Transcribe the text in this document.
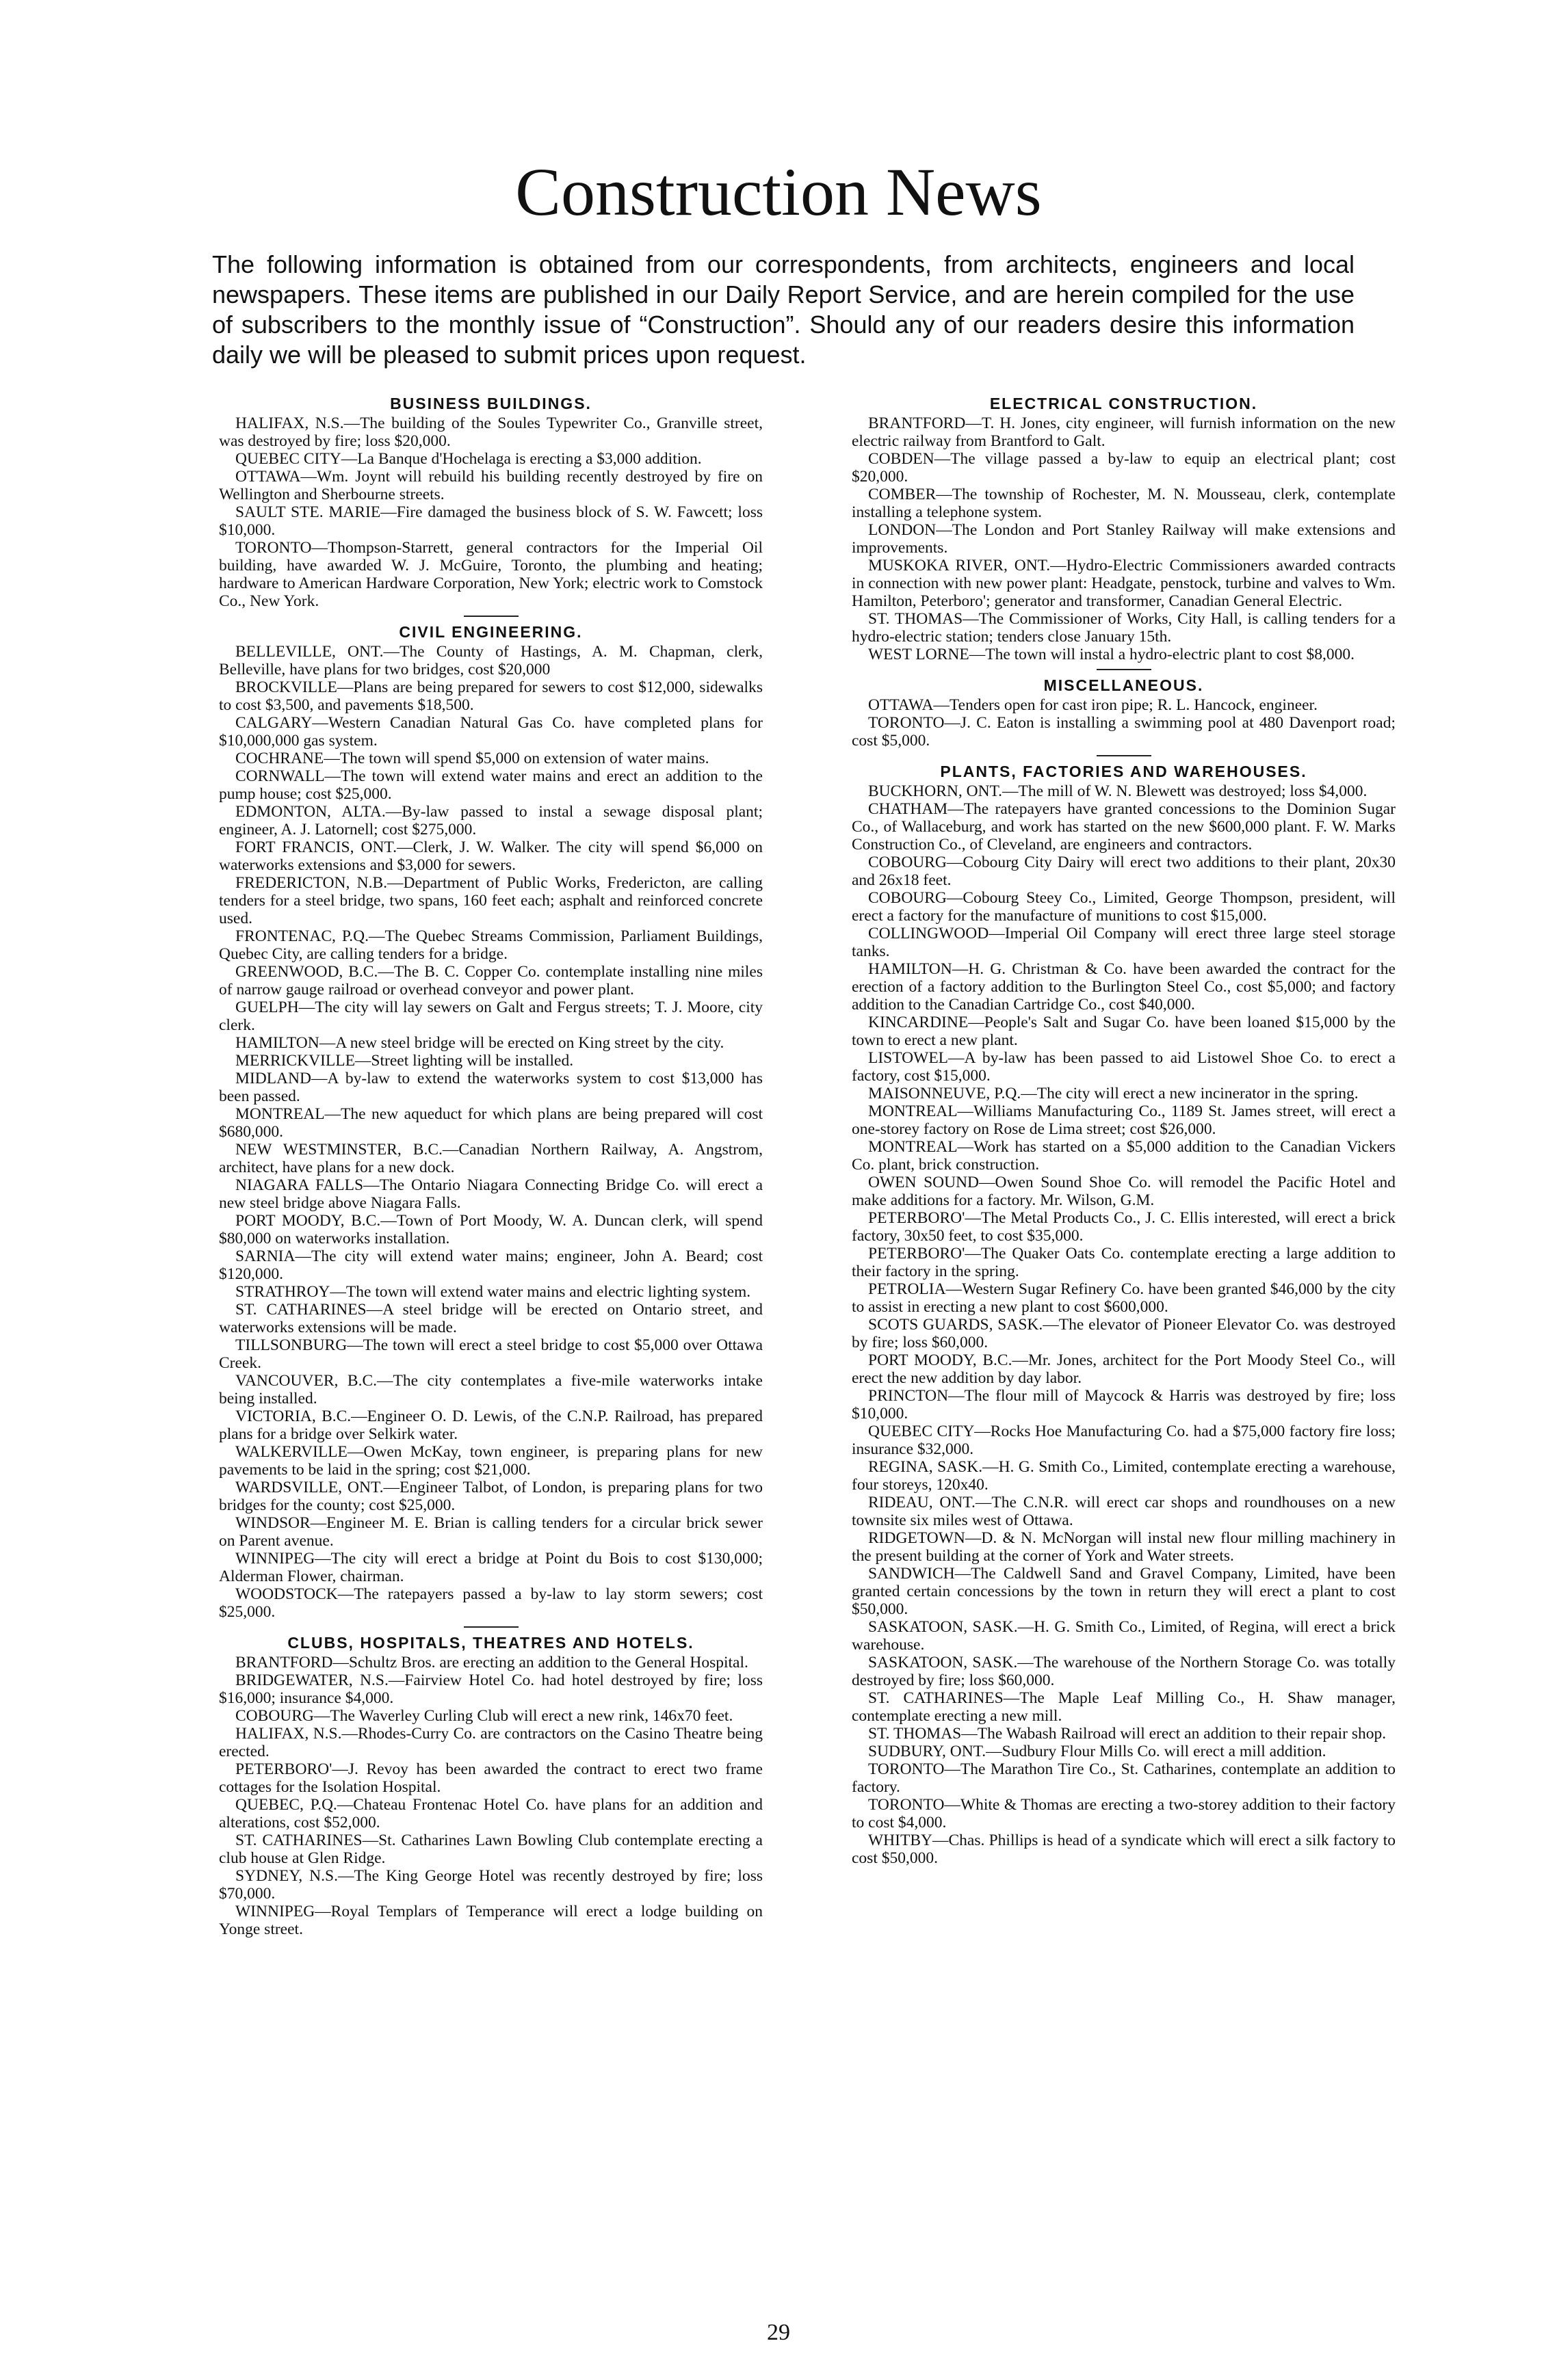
Construction News

The following information is obtained from our correspondents, from architects, engineers and local newspapers. These items are published in our Daily Report Service, and are herein compiled for the use of subscribers to the monthly issue of “Construction”. Should any of our readers desire this information daily we will be pleased to submit prices upon request.

BUSINESS BUILDINGS.

HALIFAX, N.S.—The building of the Soules Typewriter Co., Granville street, was destroyed by fire; loss $20,000.

QUEBEC CITY—La Banque d'Hochelaga is erecting a $3,000 addition.

OTTAWA—Wm. Joynt will rebuild his building recently destroyed by fire on Wellington and Sherbourne streets.

SAULT STE. MARIE—Fire damaged the business block of S. W. Fawcett; loss $10,000.

TORONTO—Thompson-Starrett, general contractors for the Imperial Oil building, have awarded W. J. McGuire, Toronto, the plumbing and heating; hardware to American Hardware Corporation, New York; electric work to Comstock Co., New York.

CIVIL ENGINEERING.

BELLEVILLE, ONT.—The County of Hastings, A. M. Chapman, clerk, Belleville, have plans for two bridges, cost $20,000

BROCKVILLE—Plans are being prepared for sewers to cost $12,000, sidewalks to cost $3,500, and pavements $18,500.

CALGARY—Western Canadian Natural Gas Co. have completed plans for $10,000,000 gas system.

COCHRANE—The town will spend $5,000 on extension of water mains.

CORNWALL—The town will extend water mains and erect an addition to the pump house; cost $25,000.

EDMONTON, ALTA.—By-law passed to instal a sewage disposal plant; engineer, A. J. Latornell; cost $275,000.

FORT FRANCIS, ONT.—Clerk, J. W. Walker. The city will spend $6,000 on waterworks extensions and $3,000 for sewers.

FREDERICTON, N.B.—Department of Public Works, Fredericton, are calling tenders for a steel bridge, two spans, 160 feet each; asphalt and reinforced concrete used.

FRONTENAC, P.Q.—The Quebec Streams Commission, Parliament Buildings, Quebec City, are calling tenders for a bridge.

GREENWOOD, B.C.—The B. C. Copper Co. contemplate installing nine miles of narrow gauge railroad or overhead conveyor and power plant.

GUELPH—The city will lay sewers on Galt and Fergus streets; T. J. Moore, city clerk.

HAMILTON—A new steel bridge will be erected on King street by the city.

MERRICKVILLE—Street lighting will be installed.

MIDLAND—A by-law to extend the waterworks system to cost $13,000 has been passed.

MONTREAL—The new aqueduct for which plans are being prepared will cost $680,000.

NEW WESTMINSTER, B.C.—Canadian Northern Railway, A. Angstrom, architect, have plans for a new dock.

NIAGARA FALLS—The Ontario Niagara Connecting Bridge Co. will erect a new steel bridge above Niagara Falls.

PORT MOODY, B.C.—Town of Port Moody, W. A. Duncan clerk, will spend $80,000 on waterworks installation.

SARNIA—The city will extend water mains; engineer, John A. Beard; cost $120,000.

STRATHROY—The town will extend water mains and electric lighting system.

ST. CATHARINES—A steel bridge will be erected on Ontario street, and waterworks extensions will be made.

TILLSONBURG—The town will erect a steel bridge to cost $5,000 over Ottawa Creek.

VANCOUVER, B.C.—The city contemplates a five-mile waterworks intake being installed.

VICTORIA, B.C.—Engineer O. D. Lewis, of the C.N.P. Railroad, has prepared plans for a bridge over Selkirk water.

WALKERVILLE—Owen McKay, town engineer, is preparing plans for new pavements to be laid in the spring; cost $21,000.

WARDSVILLE, ONT.—Engineer Talbot, of London, is preparing plans for two bridges for the county; cost $25,000.

WINDSOR—Engineer M. E. Brian is calling tenders for a circular brick sewer on Parent avenue.

WINNIPEG—The city will erect a bridge at Point du Bois to cost $130,000; Alderman Flower, chairman.

WOODSTOCK—The ratepayers passed a by-law to lay storm sewers; cost $25,000.

CLUBS, HOSPITALS, THEATRES AND HOTELS.

BRANTFORD—Schultz Bros. are erecting an addition to the General Hospital.

BRIDGEWATER, N.S.—Fairview Hotel Co. had hotel destroyed by fire; loss $16,000; insurance $4,000.

COBOURG—The Waverley Curling Club will erect a new rink, 146x70 feet.

HALIFAX, N.S.—Rhodes-Curry Co. are contractors on the Casino Theatre being erected.

PETERBORO'—J. Revoy has been awarded the contract to erect two frame cottages for the Isolation Hospital.

QUEBEC, P.Q.—Chateau Frontenac Hotel Co. have plans for an addition and alterations, cost $52,000.

ST. CATHARINES—St. Catharines Lawn Bowling Club contemplate erecting a club house at Glen Ridge.

SYDNEY, N.S.—The King George Hotel was recently destroyed by fire; loss $70,000.

WINNIPEG—Royal Templars of Temperance will erect a lodge building on Yonge street.

ELECTRICAL CONSTRUCTION.

BRANTFORD—T. H. Jones, city engineer, will furnish information on the new electric railway from Brantford to Galt.

COBDEN—The village passed a by-law to equip an electrical plant; cost $20,000.

COMBER—The township of Rochester, M. N. Mousseau, clerk, contemplate installing a telephone system.

LONDON—The London and Port Stanley Railway will make extensions and improvements.

MUSKOKA RIVER, ONT.—Hydro-Electric Commissioners awarded contracts in connection with new power plant: Headgate, penstock, turbine and valves to Wm. Hamilton, Peterboro'; generator and transformer, Canadian General Electric.

ST. THOMAS—The Commissioner of Works, City Hall, is calling tenders for a hydro-electric station; tenders close January 15th.

WEST LORNE—The town will instal a hydro-electric plant to cost $8,000.

MISCELLANEOUS.

OTTAWA—Tenders open for cast iron pipe; R. L. Hancock, engineer.

TORONTO—J. C. Eaton is installing a swimming pool at 480 Davenport road; cost $5,000.

PLANTS, FACTORIES AND WAREHOUSES.

BUCKHORN, ONT.—The mill of W. N. Blewett was destroyed; loss $4,000.

CHATHAM—The ratepayers have granted concessions to the Dominion Sugar Co., of Wallaceburg, and work has started on the new $600,000 plant. F. W. Marks Construction Co., of Cleveland, are engineers and contractors.

COBOURG—Cobourg City Dairy will erect two additions to their plant, 20x30 and 26x18 feet.

COBOURG—Cobourg Steey Co., Limited, George Thompson, president, will erect a factory for the manufacture of munitions to cost $15,000.

COLLINGWOOD—Imperial Oil Company will erect three large steel storage tanks.

HAMILTON—H. G. Christman & Co. have been awarded the contract for the erection of a factory addition to the Burlington Steel Co., cost $5,000; and factory addition to the Canadian Cartridge Co., cost $40,000.

KINCARDINE—People's Salt and Sugar Co. have been loaned $15,000 by the town to erect a new plant.

LISTOWEL—A by-law has been passed to aid Listowel Shoe Co. to erect a factory, cost $15,000.

MAISONNEUVE, P.Q.—The city will erect a new incinerator in the spring.

MONTREAL—Williams Manufacturing Co., 1189 St. James street, will erect a one-storey factory on Rose de Lima street; cost $26,000.

MONTREAL—Work has started on a $5,000 addition to the Canadian Vickers Co. plant, brick construction.

OWEN SOUND—Owen Sound Shoe Co. will remodel the Pacific Hotel and make additions for a factory. Mr. Wilson, G.M.

PETERBORO'—The Metal Products Co., J. C. Ellis interested, will erect a brick factory, 30x50 feet, to cost $35,000.

PETERBORO'—The Quaker Oats Co. contemplate erecting a large addition to their factory in the spring.

PETROLIA—Western Sugar Refinery Co. have been granted $46,000 by the city to assist in erecting a new plant to cost $600,000.

SCOTS GUARDS, SASK.—The elevator of Pioneer Elevator Co. was destroyed by fire; loss $60,000.

PORT MOODY, B.C.—Mr. Jones, architect for the Port Moody Steel Co., will erect the new addition by day labor.

PRINCTON—The flour mill of Maycock & Harris was destroyed by fire; loss $10,000.

QUEBEC CITY—Rocks Hoe Manufacturing Co. had a $75,000 factory fire loss; insurance $32,000.

REGINA, SASK.—H. G. Smith Co., Limited, contemplate erecting a warehouse, four storeys, 120x40.

RIDEAU, ONT.—The C.N.R. will erect car shops and roundhouses on a new townsite six miles west of Ottawa.

RIDGETOWN—D. & N. McNorgan will instal new flour milling machinery in the present building at the corner of York and Water streets.

SANDWICH—The Caldwell Sand and Gravel Company, Limited, have been granted certain concessions by the town in return they will erect a plant to cost $50,000.

SASKATOON, SASK.—H. G. Smith Co., Limited, of Regina, will erect a brick warehouse.

SASKATOON, SASK.—The warehouse of the Northern Storage Co. was totally destroyed by fire; loss $60,000.

ST. CATHARINES—The Maple Leaf Milling Co., H. Shaw manager, contemplate erecting a new mill.

ST. THOMAS—The Wabash Railroad will erect an addition to their repair shop.

SUDBURY, ONT.—Sudbury Flour Mills Co. will erect a mill addition.

TORONTO—The Marathon Tire Co., St. Catharines, contemplate an addition to factory.

TORONTO—White & Thomas are erecting a two-storey addition to their factory to cost $4,000.

WHITBY—Chas. Phillips is head of a syndicate which will erect a silk factory to cost $50,000.

29
